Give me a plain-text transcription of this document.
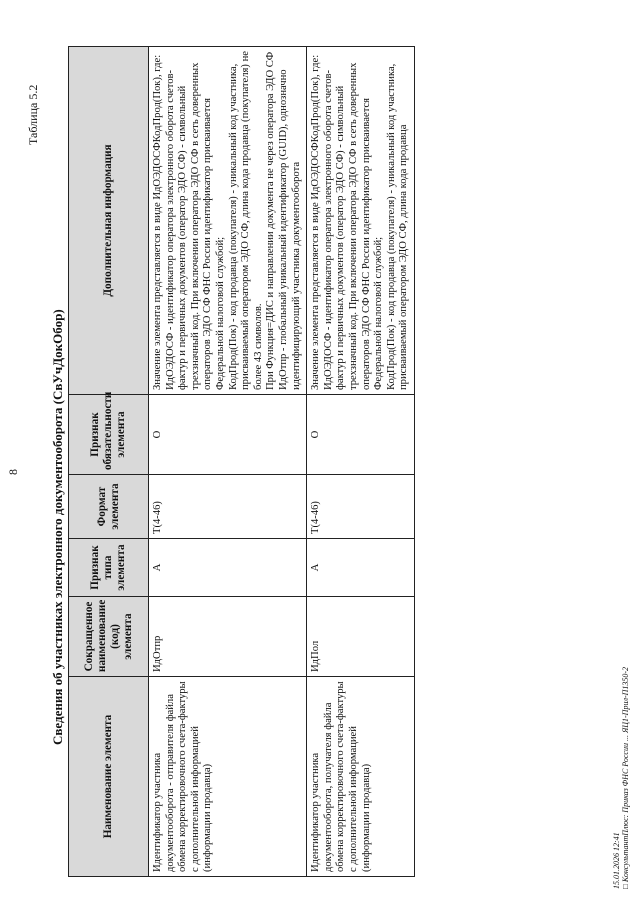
8
Таблица 5.2
Сведения об участниках электронного документооборота (СвУчДокОбор)
Наименование элемента	Сокращенное наименование (код) элемента	Признак типа элемента	Формат элемента	Признак обязательности элемента	Дополнительная информация
Идентификатор участника документооборота - отправителя файла обмена корректировочного счета-фактуры с дополнительной информацией (информации продавца)	ИдОтпр	А	Т(4-46)	О	Значение элемента представляется в виде ИдОЭДОСФКодПрод(Пок), где:
ИдОЭДОСФ - идентификатор оператора электронного оборота счетов-фактур и первичных документов (оператор ЭДО СФ) - символьный трехзначный код. При включении оператора ЭДО СФ в сеть доверенных операторов ЭДО СФ ФНС России идентификатор присваивается Федеральной налоговой службой;
КодПрод(Пок) - код продавца (покупателя) - уникальный код участника, присваиваемый оператором ЭДО СФ, длина кода продавца (покупателя) не более 43 символов.
При Функция=ДИС и направлении документа не через оператора ЭДО СФ ИдОтпр - глобальный уникальный идентификатор (GUID), однозначно идентифицирующий участника документооборота
Идентификатор участника документооборота, получателя файла обмена корректировочного счета-фактуры с дополнительной информацией (информации продавца)	ИдПол	А	Т(4-46)	О	Значение элемента представляется в виде ИдОЭДОСФКодПрод(Пок), где:
ИдОЭДОСФ - идентификатор оператора электронного оборота счетов-фактур и первичных документов (оператор ЭДО СФ) - символьный трехзначный код. При включении оператора ЭДО СФ в сеть доверенных операторов ЭДО СФ ФНС России идентификатор присваивается Федеральной налоговой службой;
КодПрод(Пок) - код продавца (покупателя) - уникальный код участника, присваиваемый оператором ЭДО СФ, длина кода продавца
15.01.2026 12:41 □ КонсультантПлюс: Приказ ФНС России ... ЯЦ1-Прил-П1350-2
